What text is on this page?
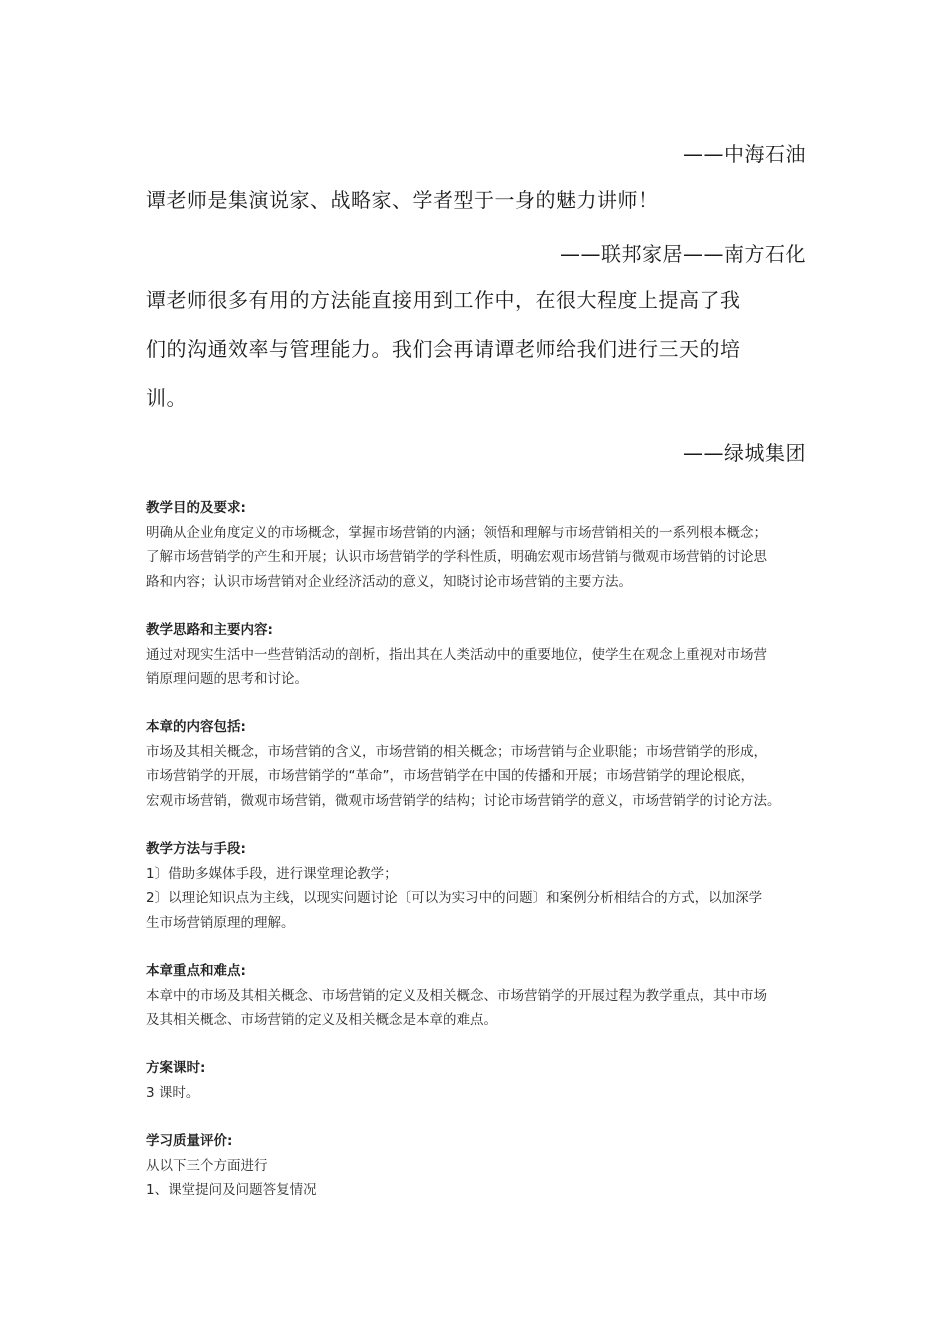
——中海石油
谭老师是集演说家、战略家、学者型于一身的魅力讲师！
——联邦家居——南方石化
谭老师很多有用的方法能直接用到工作中，在很大程度上提高了我
们的沟通效率与管理能力。我们会再请谭老师给我们进行三天的培
训。
——绿城集团
教学目的及要求:
明确从企业角度定义的市场概念，掌握市场营销的内涵；领悟和理解与市场营销相关的一系列根本概念；
了解市场营销学的产生和开展；认识市场营销学的学科性质，明确宏观市场营销与微观市场营销的讨论思
路和内容；认识市场营销对企业经济活动的意义，知晓讨论市场营销的主要方法。
教学思路和主要内容:
通过对现实生活中一些营销活动的剖析，指出其在人类活动中的重要地位，使学生在观念上重视对市场营
销原理问题的思考和讨论。
本章的内容包括:
市场及其相关概念，市场营销的含义，市场营销的相关概念；市场营销与企业职能；市场营销学的形成，
市场营销学的开展，市场营销学的“革命”，市场营销学在中国的传播和开展；市场营销学的理论根底，
宏观市场营销，微观市场营销，微观市场营销学的结构；讨论市场营销学的意义，市场营销学的讨论方法。
教学方法与手段:
1〕借助多媒体手段，进行课堂理论教学；
2〕以理论知识点为主线，以现实问题讨论〔可以为实习中的问题〕和案例分析相结合的方式，以加深学
生市场营销原理的理解。
本章重点和难点:
本章中的市场及其相关概念、市场营销的定义及相关概念、市场营销学的开展过程为教学重点，其中市场
及其相关概念、市场营销的定义及相关概念是本章的难点。
方案课时:
3 课时。
学习质量评价:
从以下三个方面进行
1、课堂提问及问题答复情况
